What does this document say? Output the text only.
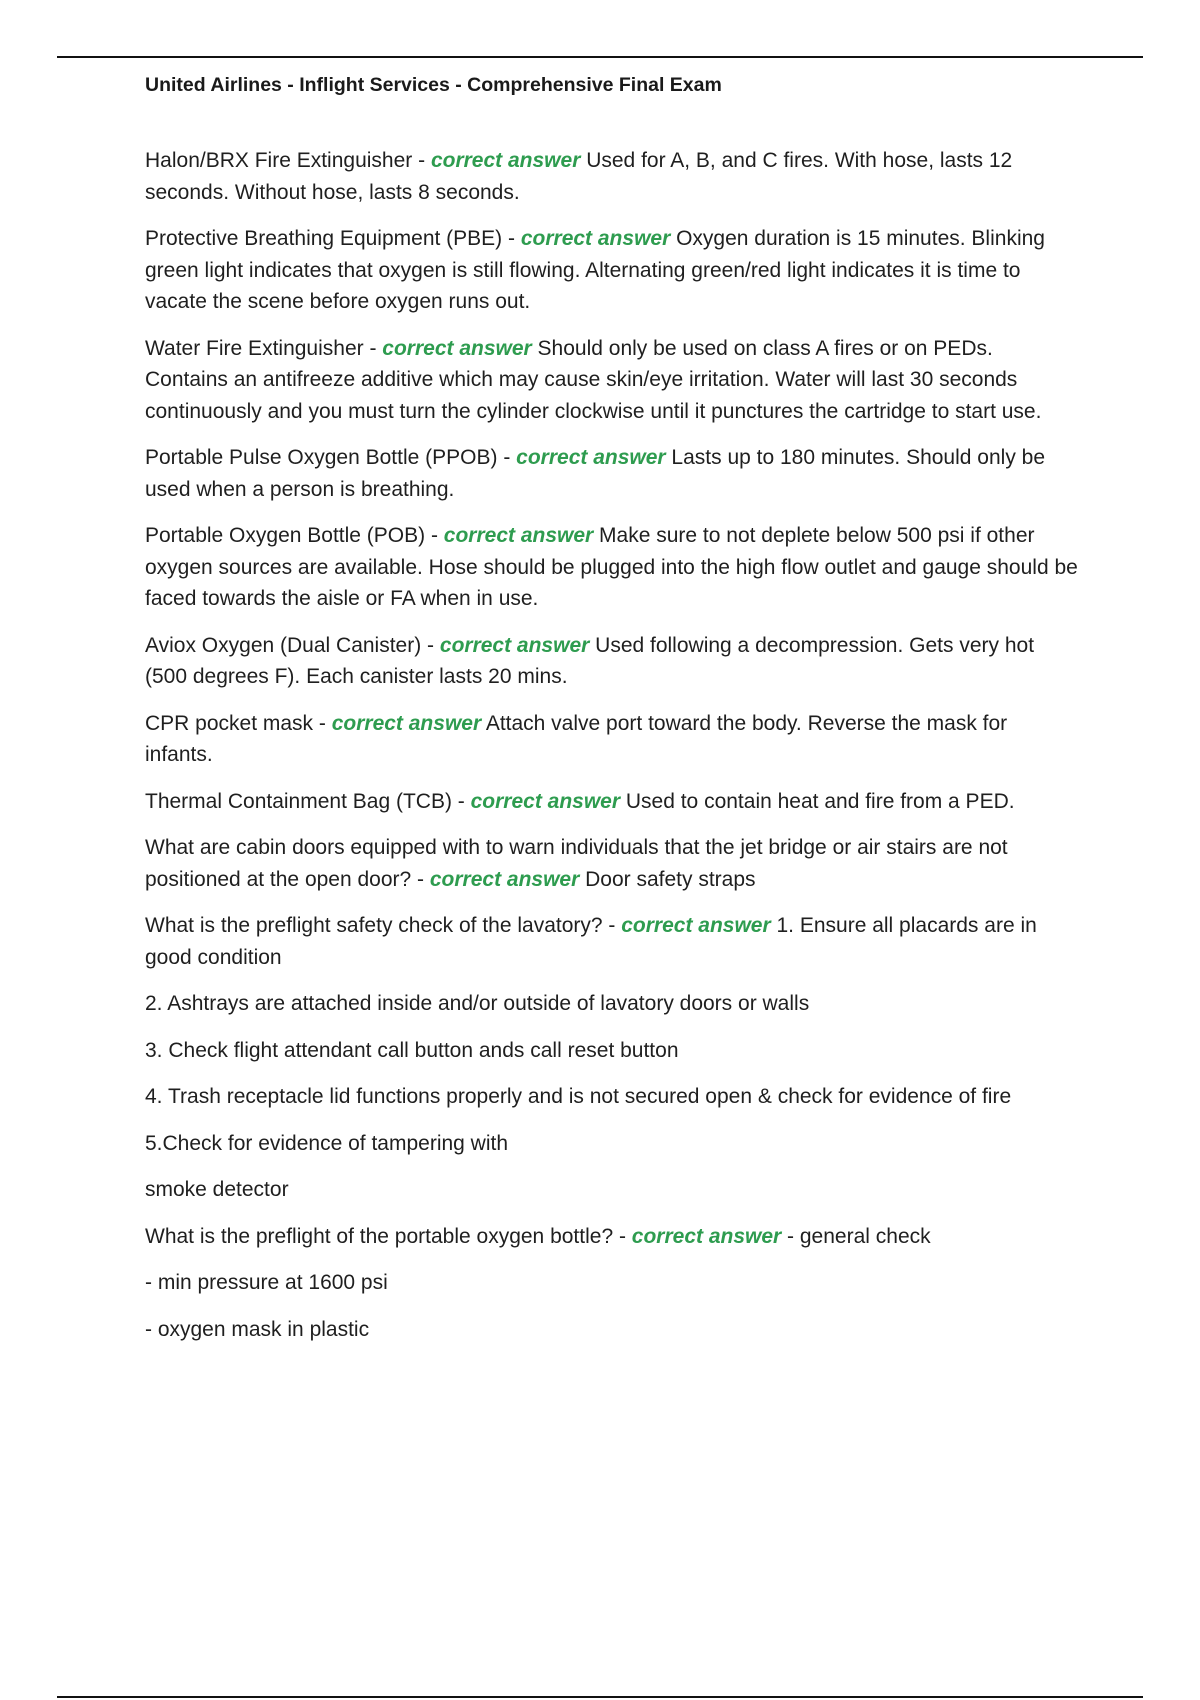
United Airlines - Inflight Services - Comprehensive Final Exam

Halon/BRX Fire Extinguisher - correct answer Used for A, B, and C fires. With hose, lasts 12 seconds. Without hose, lasts 8 seconds.

Protective Breathing Equipment (PBE) - correct answer Oxygen duration is 15 minutes. Blinking green light indicates that oxygen is still flowing. Alternating green/red light indicates it is time to vacate the scene before oxygen runs out.

Water Fire Extinguisher - correct answer Should only be used on class A fires or on PEDs. Contains an antifreeze additive which may cause skin/eye irritation. Water will last 30 seconds continuously and you must turn the cylinder clockwise until it punctures the cartridge to start use.

Portable Pulse Oxygen Bottle (PPOB) - correct answer Lasts up to 180 minutes. Should only be used when a person is breathing.

Portable Oxygen Bottle (POB) - correct answer Make sure to not deplete below 500 psi if other oxygen sources are available. Hose should be plugged into the high flow outlet and gauge should be faced towards the aisle or FA when in use.

Aviox Oxygen (Dual Canister) - correct answer Used following a decompression. Gets very hot (500 degrees F). Each canister lasts 20 mins.

CPR pocket mask - correct answer Attach valve port toward the body. Reverse the mask for infants.

Thermal Containment Bag (TCB) - correct answer Used to contain heat and fire from a PED.

What are cabin doors equipped with to warn individuals that the jet bridge or air stairs are not positioned at the open door? - correct answer Door safety straps

What is the preflight safety check of the lavatory? - correct answer 1. Ensure all placards are in good condition

2. Ashtrays are attached inside and/or outside of lavatory doors or walls

3. Check flight attendant call button ands call reset button

4. Trash receptacle lid functions properly and is not secured open & check for evidence of fire

5.Check for evidence of tampering with

smoke detector

What is the preflight of the portable oxygen bottle? - correct answer - general check

- min pressure at 1600 psi

- oxygen mask in plastic
